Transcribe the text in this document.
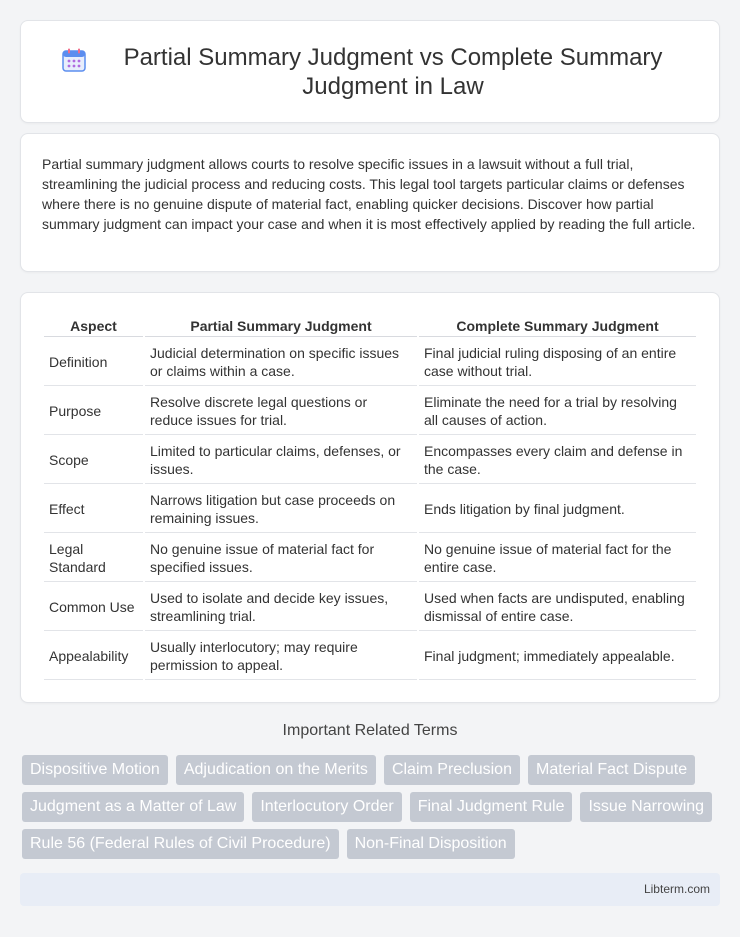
Partial Summary Judgment vs Complete Summary Judgment in Law

Partial summary judgment allows courts to resolve specific issues in a lawsuit without a full trial, streamlining the judicial process and reducing costs. This legal tool targets particular claims or defenses where there is no genuine dispute of material fact, enabling quicker decisions. Discover how partial summary judgment can impact your case and when it is most effectively applied by reading the full article.

Aspect	Partial Summary Judgment	Complete Summary Judgment
Definition	Judicial determination on specific issues or claims within a case.	Final judicial ruling disposing of an entire case without trial.
Purpose	Resolve discrete legal questions or reduce issues for trial.	Eliminate the need for a trial by resolving all causes of action.
Scope	Limited to particular claims, defenses, or issues.	Encompasses every claim and defense in the case.
Effect	Narrows litigation but case proceeds on remaining issues.	Ends litigation by final judgment.
Legal Standard	No genuine issue of material fact for specified issues.	No genuine issue of material fact for the entire case.
Common Use	Used to isolate and decide key issues, streamlining trial.	Used when facts are undisputed, enabling dismissal of entire case.
Appealability	Usually interlocutory; may require permission to appeal.	Final judgment; immediately appealable.
Important Related Terms
Dispositive Motion	Adjudication on the Merits	Claim Preclusion	Material Fact Dispute
Judgment as a Matter of Law	Interlocutory Order	Final Judgment Rule	Issue Narrowing
Rule 56 (Federal Rules of Civil Procedure)	Non-Final Disposition
Libterm.com
